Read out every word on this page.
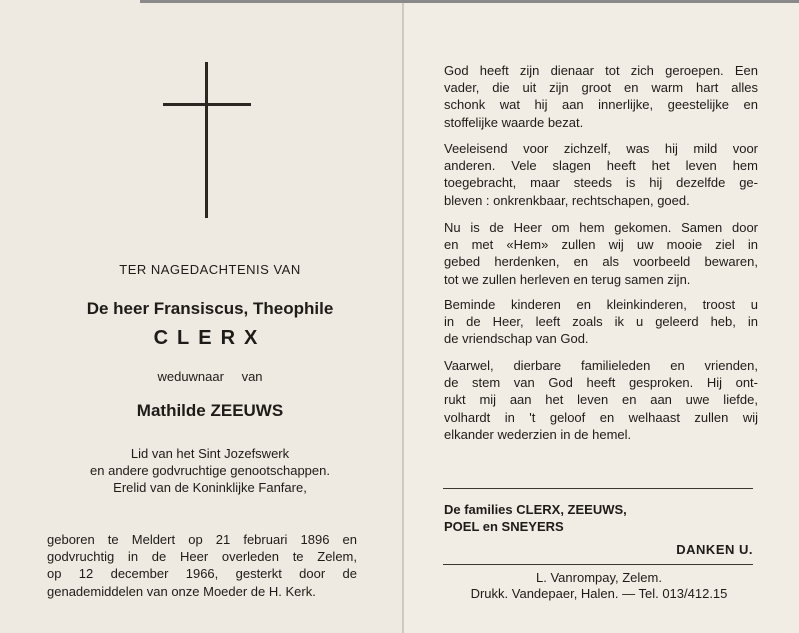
TER NAGEDACHTENIS VAN
De heer Fransiscus, Theophile
CLERX
weduwnaar van
Mathilde ZEEUWS
Lid van het Sint Jozefswerk
en andere godvruchtige genootschappen.
Erelid van de Koninklijke Fanfare,
geboren te Meldert op 21 februari 1896 en
godvruchtig in de Heer overleden te Zelem,
op 12 december 1966, gesterkt door de
genademiddelen van onze Moeder de H. Kerk.
God heeft zijn dienaar tot zich geroepen. Een
vader, die uit zijn groot en warm hart alles
schonk wat hij aan innerlijke, geestelijke en
stoffelijke waarde bezat.
Veeleisend voor zichzelf, was hij mild voor
anderen. Vele slagen heeft het leven hem
toegebracht, maar steeds is hij dezelfde ge-
bleven : onkrenkbaar, rechtschapen, goed.
Nu is de Heer om hem gekomen. Samen door
en met «Hem» zullen wij uw mooie ziel in
gebed herdenken, en als voorbeeld bewaren,
tot we zullen herleven en terug samen zijn.
Beminde kinderen en kleinkinderen, troost u
in de Heer, leeft zoals ik u geleerd heb, in
de vriendschap van God.
Vaarwel, dierbare familieleden en vrienden,
de stem van God heeft gesproken. Hij ont-
rukt mij aan het leven en aan uwe liefde,
volhardt in 't geloof en welhaast zullen wij
elkander wederzien in de hemel.
De families CLERX, ZEEUWS,
POEL en SNEYERS
DANKEN U.
L. Vanrompay, Zelem.
Drukk. Vandepaer, Halen. — Tel. 013/412.15
